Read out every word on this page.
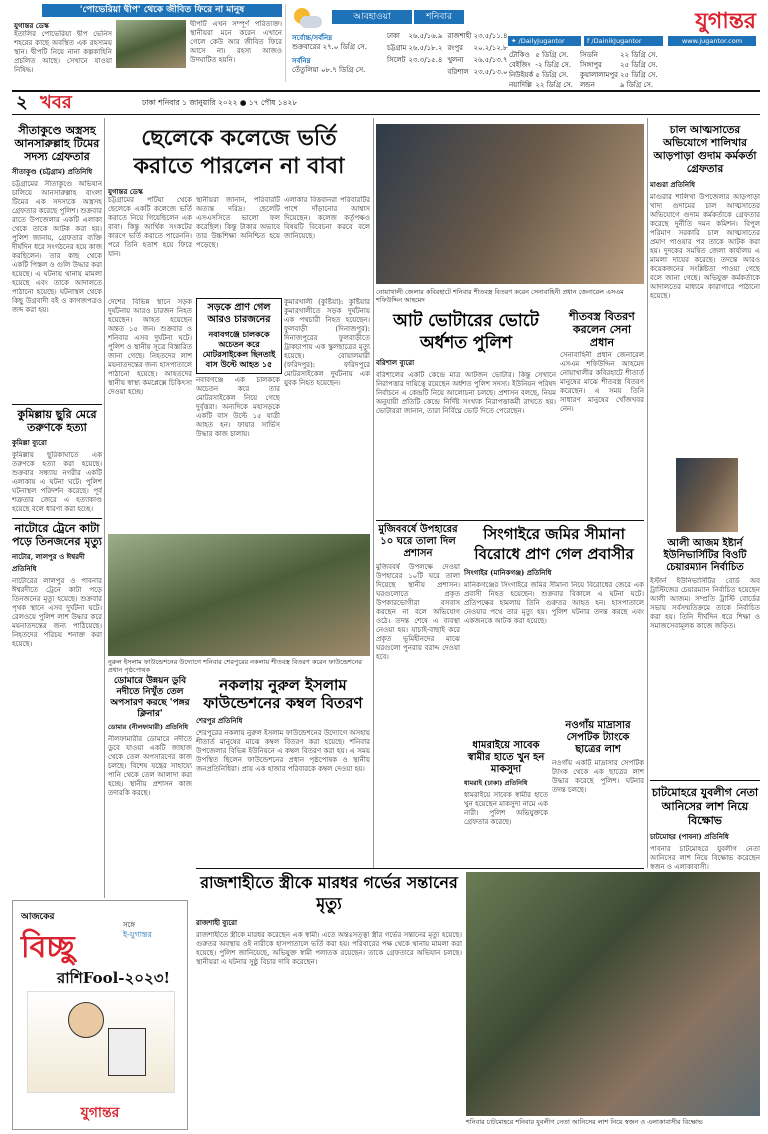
'পোভেরিয়া দ্বীপ' থেকে জীবিত ফিরে না মানুষ
যুগান্তর ডেস্ক
ইতালির পোভেরিয়া দ্বীপ ভেনিস শহরের কাছে অবস্থিত এক রহস্যময় স্থান। দ্বীপটি নিয়ে নানা কল্পকাহিনি প্রচলিত আছে। সেখানে যাওয়া নিষিদ্ধ।
দ্বীপটি এখন সম্পূর্ণ পরিত্যক্ত। স্থানীয়রা মনে করেন এখানে গেলে কেউ আর জীবিত ফিরে আসে না। রহস্য আজও উদঘাটিত হয়নি।
আবহাওয়া	শনিবার
সর্বোচ্চ/সর্বনিম্ন
শুক্রবারের ২৭.০ ডিগ্রি সে.
সর্বনিম্ন
তেঁতুলিয়া ০৮.৭ ডিগ্রি সে.
ঢাকা	২৬.৫/১৬.৯	রাজশাহী	২৩.৫/১১.৪
চট্টগ্রাম	২৬.৫/১৮.২	রংপুর	২০.২/১২.৮
সিলেট	২৩.৩/১৫.৪	খুলনা	২৬.৫/১৩.৭
		বরিশাল	২৩.৫/১৩.০
যুগান্তর
✦ /DailyJugantor	f /DainikJugantor	www.jugantor.com
টোকিও	৫ ডিগ্রি সে.	সিডনি	২২ ডিগ্রি সে.
বেইজিং	-২ ডিগ্রি সে.	সিঙ্গাপুর	২৫ ডিগ্রি সে.
নিউইয়র্ক	৫ ডিগ্রি সে.	কুয়ালালামপুর	২৫ ডিগ্রি সে.
নয়াদিল্লি	২২ ডিগ্রি সে.	লন্ডন	৯ ডিগ্রি সে.
২ খবর	ঢাকা শনিবার ১ জানুয়ারি ২০২২ ● ১৭ পৌষ ১৪২৮
সীতাকুণ্ডে অস্ত্রসহ আনসারুল্লাহ টিমের সদস্য গ্রেফতার
সীতাকুণ্ড (চট্টগ্রাম) প্রতিনিধি
চট্টগ্রামের সীতাকুণ্ডে অভিযান চালিয়ে আনসারুল্লাহ বাংলা টিমের এক সদস্যকে অস্ত্রসহ গ্রেফতার করেছে পুলিশ। শুক্রবার রাতে উপজেলার একটি এলাকা থেকে তাকে আটক করা হয়। পুলিশ জানায়, গ্রেফতার ব্যক্তি দীর্ঘদিন ধরে সংগঠনের হয়ে কাজ করছিলেন। তার কাছ থেকে একটি পিস্তল ও গুলি উদ্ধার করা হয়েছে। এ ঘটনায় থানায় মামলা হয়েছে এবং তাকে আদালতে পাঠানো হয়েছে। ঘটনাস্থল থেকে কিছু উগ্রবাদী বই ও কাগজপত্রও জব্দ করা হয়।
কুমিল্লায় ছুরি মেরে তরুণকে হত্যা
কুমিল্লা ব্যুরো
কুমিল্লায় ছুরিকাঘাতে এক তরুণকে হত্যা করা হয়েছে। শুক্রবার সন্ধ্যায় নগরীর একটি এলাকায় এ ঘটনা ঘটে। পুলিশ ঘটনাস্থল পরিদর্শন করেছে। পূর্ব শত্রুতার জেরে এ হত্যাকাণ্ড হয়েছে বলে ধারণা করা হচ্ছে।
নাটোরে ট্রেনে কাটা পড়ে তিনজনের মৃত্যু
নাটোর, লালপুর ও ঈশ্বরদী প্রতিনিধি
নাটোরের লালপুর ও পাবনার ঈশ্বরদীতে ট্রেনে কাটা পড়ে তিনজনের মৃত্যু হয়েছে। শুক্রবার পৃথক স্থানে এসব দুর্ঘটনা ঘটে। রেলওয়ে পুলিশ লাশ উদ্ধার করে ময়নাতদন্তের জন্য পাঠিয়েছে। নিহতদের পরিচয় শনাক্ত করা হয়েছে।
ছেলেকে কলেজে ভর্তি করাতে পারলেন না বাবা
যুগান্তর ডেস্ক
চট্টগ্রামের পটিয়া থেকে ছেলেকে একটি কলেজে ভর্তি করাতে নিয়ে গিয়েছিলেন এক বাবা। কিন্তু আর্থিক সংকটের কারণে ভর্তি করাতে পারেননি। পরে তিনি হতাশ হয়ে ফিরে যান।
স্থানীয়রা জানান, পরিবারটি অত্যন্ত দরিদ্র। ছেলেটি এসএসসিতে ভালো ফল করেছিল। কিন্তু টাকার অভাবে তার উচ্চশিক্ষা অনিশ্চিত হয়ে পড়েছে।
এলাকার বিত্তবানরা পরিবারটির পাশে দাঁড়ানোর আশ্বাস দিয়েছেন। কলেজ কর্তৃপক্ষও বিষয়টি বিবেচনা করবে বলে জানিয়েছে।
সড়কে প্রাণ গেল আরও চারজনের
নবাবগঞ্জে চালককে অচেতন করে মোটরসাইকেল ছিনতাই
বাস উল্টে আহত ১৫
দেশের বিভিন্ন স্থানে সড়ক দুর্ঘটনায় আরও চারজন নিহত হয়েছেন। আহত হয়েছেন অন্তত ১৫ জন। শুক্রবার ও শনিবার এসব দুর্ঘটনা ঘটে। পুলিশ ও স্থানীয় সূত্রে বিস্তারিত জানা গেছে। নিহতদের লাশ ময়নাতদন্তের জন্য হাসপাতালে পাঠানো হয়েছে। আহতদের স্থানীয় স্বাস্থ্য কমপ্লেক্সে চিকিৎসা দেওয়া হচ্ছে।
নবাবগঞ্জে এক চালককে অচেতন করে তার মোটরসাইকেল নিয়ে গেছে দুর্বৃত্তরা। অন্যদিকে মহাসড়কে একটি বাস উল্টে ১৫ যাত্রী আহত হন। ফায়ার সার্ভিস উদ্ধার কাজ চালায়।
কুমারখালী (কুষ্টিয়া): কুষ্টিয়ার কুমারখালীতে সড়ক দুর্ঘটনায় এক পথচারী নিহত হয়েছেন। ফুলবাড়ী (দিনাজপুর): দিনাজপুরের ফুলবাড়ীতে ট্রাকচাপায় এক স্কুলছাত্রের মৃত্যু হয়েছে। বোয়ালমারী (ফরিদপুর): ফরিদপুরে মোটরসাইকেল দুর্ঘটনায় এক যুবক নিহত হয়েছেন।
নুরুল ইসলাম ফাউন্ডেশনের উদ্যোগে শনিবার শেরপুরের নকলায় শীতবস্ত্র বিতরণ করেন ফাউন্ডেশনের প্রধান পৃষ্ঠপোষক
ডোমারে উন্নয়ন ডুবি নদীতে নিখুঁত তেল অপসারণ করছে 'পঙ্গর ক্লিনার'
ডোমার (নীলফামারী) প্রতিনিধি
নীলফামারীর ডোমারে নদীতে ডুবে যাওয়া একটি জাহাজ থেকে তেল অপসারণের কাজ চলছে। বিশেষ যন্ত্রের সাহায্যে পানি থেকে তেল আলাদা করা হচ্ছে। স্থানীয় প্রশাসন কাজ তদারকি করছে।
নকলায় নুরুল ইসলাম ফাউন্ডেশনের কম্বল বিতরণ
শেরপুর প্রতিনিধি
শেরপুরের নকলায় নুরুল ইসলাম ফাউন্ডেশনের উদ্যোগে অসহায় শীতার্ত মানুষের মাঝে কম্বল বিতরণ করা হয়েছে। শনিবার উপজেলার বিভিন্ন ইউনিয়নে এ কম্বল বিতরণ করা হয়। এ সময় উপস্থিত ছিলেন ফাউন্ডেশনের প্রধান পৃষ্ঠপোষক ও স্থানীয় জনপ্রতিনিধিরা। প্রায় এক হাজার পরিবারকে কম্বল দেওয়া হয়।
আজকের
বিচ্ছু
সঙ্গে
ই-যুগান্তর
রাশিFool-২০২৩!
যুগান্তর
নোয়াখালী জেলার কবিরহাটে শনিবার শীতবস্ত্র বিতরণ করেন সেনাবাহিনী প্রধান জেনারেল এসএম শফিউদ্দিন আহমেদ
শীতবস্ত্র বিতরণ করলেন সেনা প্রধান
সেনাবাহিনী প্রধান জেনারেল এসএম শফিউদ্দিন আহমেদ নোয়াখালীর কবিরহাটে শীতার্ত মানুষের মাঝে শীতবস্ত্র বিতরণ করেছেন। এ সময় তিনি সাধারণ মানুষের খোঁজখবর নেন।
আট ভোটারের ভোটে অর্ধশত পুলিশ
বরিশাল ব্যুরো
বরিশালের একটি কেন্দ্রে মাত্র আটজন ভোটার। কিন্তু সেখানে নিরাপত্তার দায়িত্বে রয়েছেন অর্ধশত পুলিশ সদস্য। ইউনিয়ন পরিষদ নির্বাচনে এ কেন্দ্রটি নিয়ে আলোচনা চলছে। প্রশাসন বলছে, নিয়ম অনুযায়ী প্রতিটি কেন্দ্রে নির্দিষ্ট সংখ্যক নিরাপত্তাকর্মী রাখতে হয়। ভোটাররা জানান, তারা নির্বিঘ্নে ভোট দিতে পেরেছেন।
মুজিববর্ষে উপহারের ১০ ঘরে তালা দিল প্রশাসন
মুজিববর্ষ উপলক্ষে দেওয়া উপহারের ১০টি ঘরে তালা দিয়েছে স্থানীয় প্রশাসন। ঘরগুলোতে প্রকৃত উপকারভোগীরা বসবাস করছেন না বলে অভিযোগ ওঠে। তদন্ত শেষে এ ব্যবস্থা নেওয়া হয়। যাচাই-বাছাই করে প্রকৃত ভূমিহীনদের মাঝে ঘরগুলো পুনরায় বরাদ্দ দেওয়া হবে।
সিংগাইরে জমির সীমানা বিরোধে প্রাণ গেল প্রবাসীর
সিংগাইর (মানিকগঞ্জ) প্রতিনিধি
মানিকগঞ্জের সিংগাইরে জমির সীমানা নিয়ে বিরোধের জেরে এক প্রবাসী নিহত হয়েছেন। শুক্রবার বিকালে এ ঘটনা ঘটে। প্রতিপক্ষের হামলায় তিনি গুরুতর আহত হন। হাসপাতালে নেওয়ার পথে তার মৃত্যু হয়। পুলিশ ঘটনার তদন্ত করছে এবং একজনকে আটক করা হয়েছে।
ধামরাইয়ে সাবেক স্বামীর হাতে খুন হন মাকসুদা
ধামরাই (ঢাকা) প্রতিনিধি
ধামরাইয়ে সাবেক স্বামীর হাতে খুন হয়েছেন মাকসুদা নামে এক নারী। পুলিশ অভিযুক্তকে গ্রেফতার করেছে।
নওগাঁয় মাদ্রাসার সেপটিক ট্যাংকে ছাত্রের লাশ
নওগাঁয় একটি মাদ্রাসার সেপটিক ট্যাংক থেকে এক ছাত্রের লাশ উদ্ধার করেছে পুলিশ। ঘটনার তদন্ত চলছে।
রাজশাহীতে স্ত্রীকে মারধর গর্ভের সন্তানের মৃত্যু
রাজশাহী ব্যুরো
রাজশাহীতে স্ত্রীকে মারধর করেছেন এক স্বামী। এতে অন্তঃসত্ত্বা স্ত্রীর গর্ভের সন্তানের মৃত্যু হয়েছে। গুরুতর অবস্থায় ওই নারীকে হাসপাতালে ভর্তি করা হয়। পরিবারের পক্ষ থেকে থানায় মামলা করা হয়েছে। পুলিশ জানিয়েছে, অভিযুক্ত স্বামী পলাতক রয়েছেন। তাকে গ্রেফতারে অভিযান চলছে। স্থানীয়রা এ ঘটনার সুষ্ঠু বিচার দাবি করেছেন।
শনিবার চাটমোহরে শনিবার যুবলীগ নেতা আনিসের লাশ নিয়ে স্বজন ও এলাকাবাসীর বিক্ষোভ
চাল আত্মসাতের অভিযোগে শালিখার আড়পাড়া গুদাম কর্মকর্তা গ্রেফতার
মাগুরা প্রতিনিধি
মাগুরার শালিখা উপজেলার আড়পাড়া খাদ্য গুদামের চাল আত্মসাতের অভিযোগে গুদাম কর্মকর্তাকে গ্রেফতার করেছে দুর্নীতি দমন কমিশন। বিপুল পরিমাণ সরকারি চাল আত্মসাতের প্রমাণ পাওয়ার পর তাকে আটক করা হয়। দুদকের সমন্বিত জেলা কার্যালয় এ মামলা দায়ের করেছে। তদন্তে আরও কয়েকজনের সংশ্লিষ্টতা পাওয়া গেছে বলে জানা গেছে। অভিযুক্ত কর্মকর্তাকে আদালতের মাধ্যমে কারাগারে পাঠানো হয়েছে।
আলী আজম ইষ্টার্ন ইউনিভার্সিটির বিওটি চেয়ারম্যান নির্বাচিত
ইস্টার্ন ইউনিভার্সিটির বোর্ড অব ট্রাস্টিজের চেয়ারম্যান নির্বাচিত হয়েছেন আলী আজম। সম্প্রতি ট্রাস্টি বোর্ডের সভায় সর্বসম্মতিক্রমে তাকে নির্বাচিত করা হয়। তিনি দীর্ঘদিন ধরে শিক্ষা ও সমাজসেবামূলক কাজে জড়িত।
চাটমোহরে যুবলীগ নেতা আনিসের লাশ নিয়ে বিক্ষোভ
চাটমোহর (পাবনা) প্রতিনিধি
পাবনার চাটমোহরে যুবলীগ নেতা আনিসের লাশ নিয়ে বিক্ষোভ করেছেন স্বজন ও এলাকাবাসী।
